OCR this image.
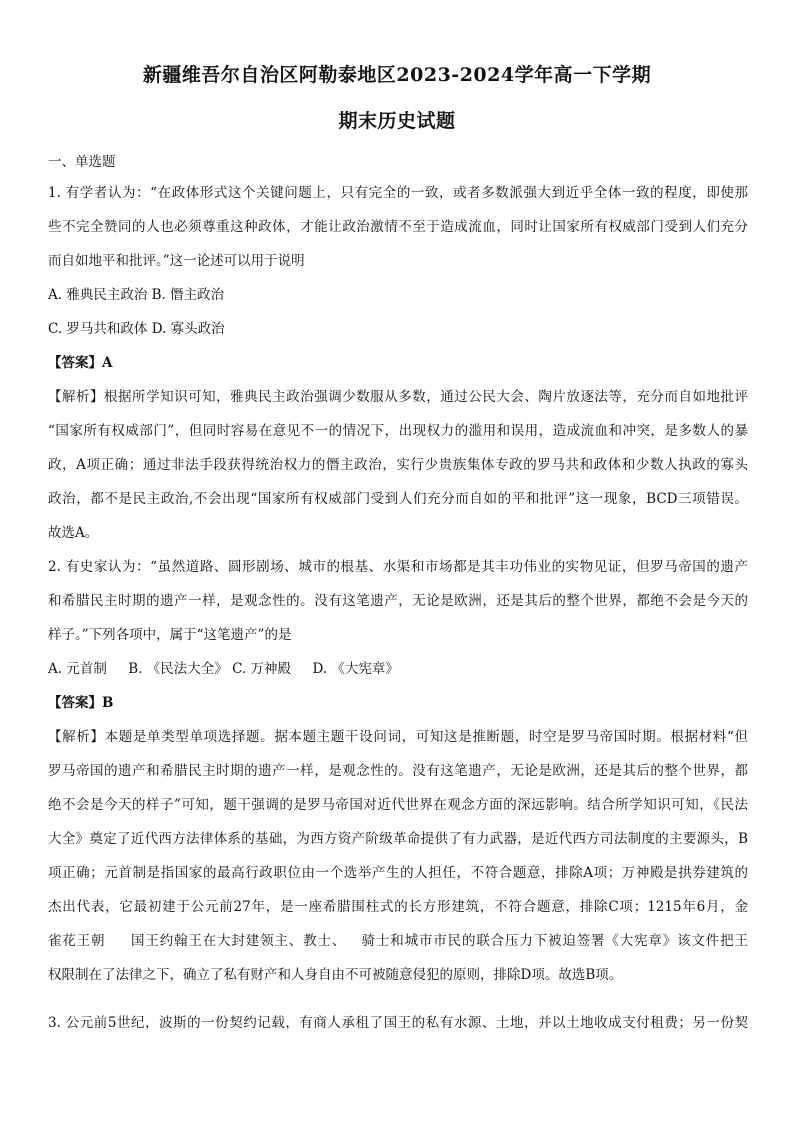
新疆维吾尔自治区阿勒泰地区2023-2024学年高一下学期
期末历史试题
一、单选题
1. 有学者认为：“在政体形式这个关键问题上，只有完全的一致，或者多数派强大到近乎全体一致的程度，即使那
些不完全赞同的人也必须尊重这种政体，才能让政治激情不至于造成流血，同时让国家所有权威部门受到人们充分
而自如地平和批评。”这一论述可以用于说明
A. 雅典民主政治 B. 僭主政治
C. 罗马共和政体 D. 寡头政治
【答案】A
【解析】根据所学知识可知，雅典民主政治强调少数服从多数，通过公民大会、陶片放逐法等，充分而自如地批评
“国家所有权威部门”，但同时容易在意见不一的情况下，出现权力的滥用和误用，造成流血和冲突，是多数人的暴
政，A项正确；通过非法手段获得统治权力的僭主政治，实行少贵族集体专政的罗马共和政体和少数人执政的寡头
政治，都不是民主政治,不会出现“国家所有权威部门受到人们充分而自如的平和批评”这一现象，BCD三项错误。
故选A。
2. 有史家认为：“虽然道路、圆形剧场、城市的根基、水渠和市场都是其丰功伟业的实物见证，但罗马帝国的遗产
和希腊民主时期的遗产一样，是观念性的。没有这笔遗产，无论是欧洲，还是其后的整个世界，都绝不会是今天的
样子。”下列各项中，属于“这笔遗产”的是
A. 元首制     B. 《民法大全》 C. 万神殿     D. 《大宪章》
【答案】B
【解析】本题是单类型单项选择题。据本题主题干设问词，可知这是推断题，时空是罗马帝国时期。根据材料“但
罗马帝国的遗产和希腊民主时期的遗产一样，是观念性的。没有这笔遗产，无论是欧洲，还是其后的整个世界，都
绝不会是今天的样子”可知，题干强调的是罗马帝国对近代世界在观念方面的深远影响。结合所学知识可知，《民法
大全》奠定了近代西方法律体系的基础，为西方资产阶级革命提供了有力武器，是近代西方司法制度的主要源头，B
项正确；元首制是指国家的最高行政职位由一个选举产生的人担任，不符合题意，排除A项；万神殿是拱券建筑的
杰出代表，它最初建于公元前27年，是一座希腊围柱式的长方形建筑，不符合题意，排除C项；1215年6月，金
雀花王朝     国王约翰王在大封建领主、教士、   骑士和城市市民的联合压力下被迫签署《大宪章》该文件把王
权限制在了法律之下，确立了私有财产和人身自由不可被随意侵犯的原则，排除D项。故选B项。
3. 公元前5世纪，波斯的一份契约记载，有商人承租了国王的私有水源、土地，并以土地收成支付租费；另一份契
